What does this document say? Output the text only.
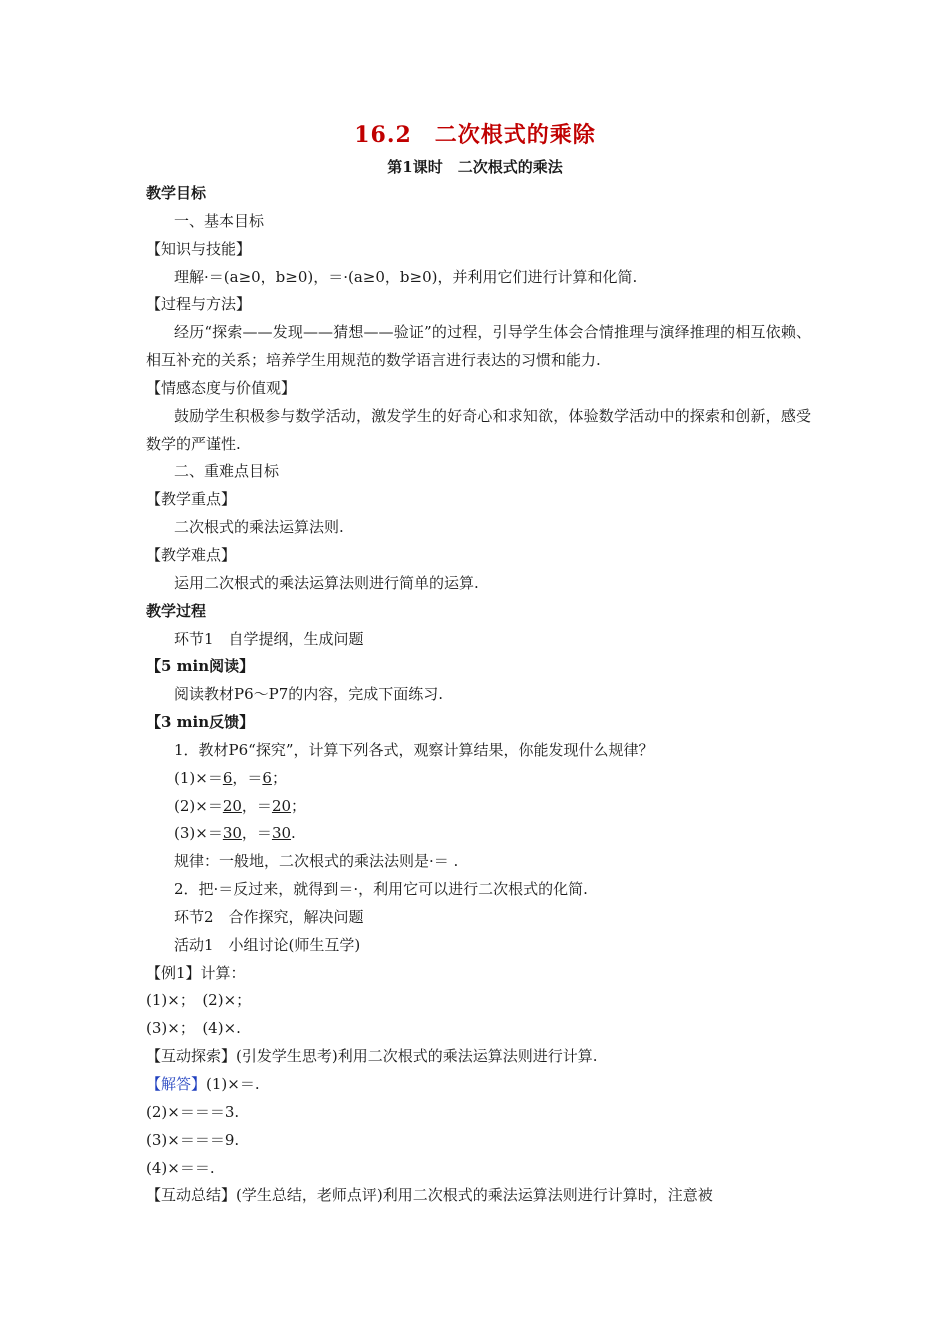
16.2　二次根式的乘除
第1课时　二次根式的乘法
教学目标
一、基本目标
【知识与技能】
理解·＝(a≥0，b≥0)，＝·(a≥0，b≥0)，并利用它们进行计算和化简.
【过程与方法】
经历“探索——发现——猜想——验证”的过程，引导学生体会合情推理与演绎推理的相互依赖、相互补充的关系；培养学生用规范的数学语言进行表达的习惯和能力.
【情感态度与价值观】
鼓励学生积极参与数学活动，激发学生的好奇心和求知欲，体验数学活动中的探索和创新，感受数学的严谨性.
二、重难点目标
【教学重点】
二次根式的乘法运算法则.
【教学难点】
运用二次根式的乘法运算法则进行简单的运算.
教学过程
环节1　自学提纲，生成问题
【5 min阅读】
阅读教材P6～P7的内容，完成下面练习.
【3 min反馈】
1．教材P6“探究”，计算下列各式，观察计算结果，你能发现什么规律？
(1)×＝6，＝6；
(2)×＝20，＝20；
(3)×＝30，＝30.
规律：一般地，二次根式的乘法法则是·＝ .
2．把·＝反过来，就得到＝·，利用它可以进行二次根式的化简.
环节2　合作探究，解决问题
活动1　小组讨论(师生互学)
【例1】计算：
(1)×；　(2)×；
(3)×；　(4)×.
【互动探索】(引发学生思考)利用二次根式的乘法运算法则进行计算.
【解答】(1)×＝.
(2)×＝＝＝3.
(3)×＝＝＝9.
(4)×＝＝.
【互动总结】(学生总结，老师点评)利用二次根式的乘法运算法则进行计算时，注意被
